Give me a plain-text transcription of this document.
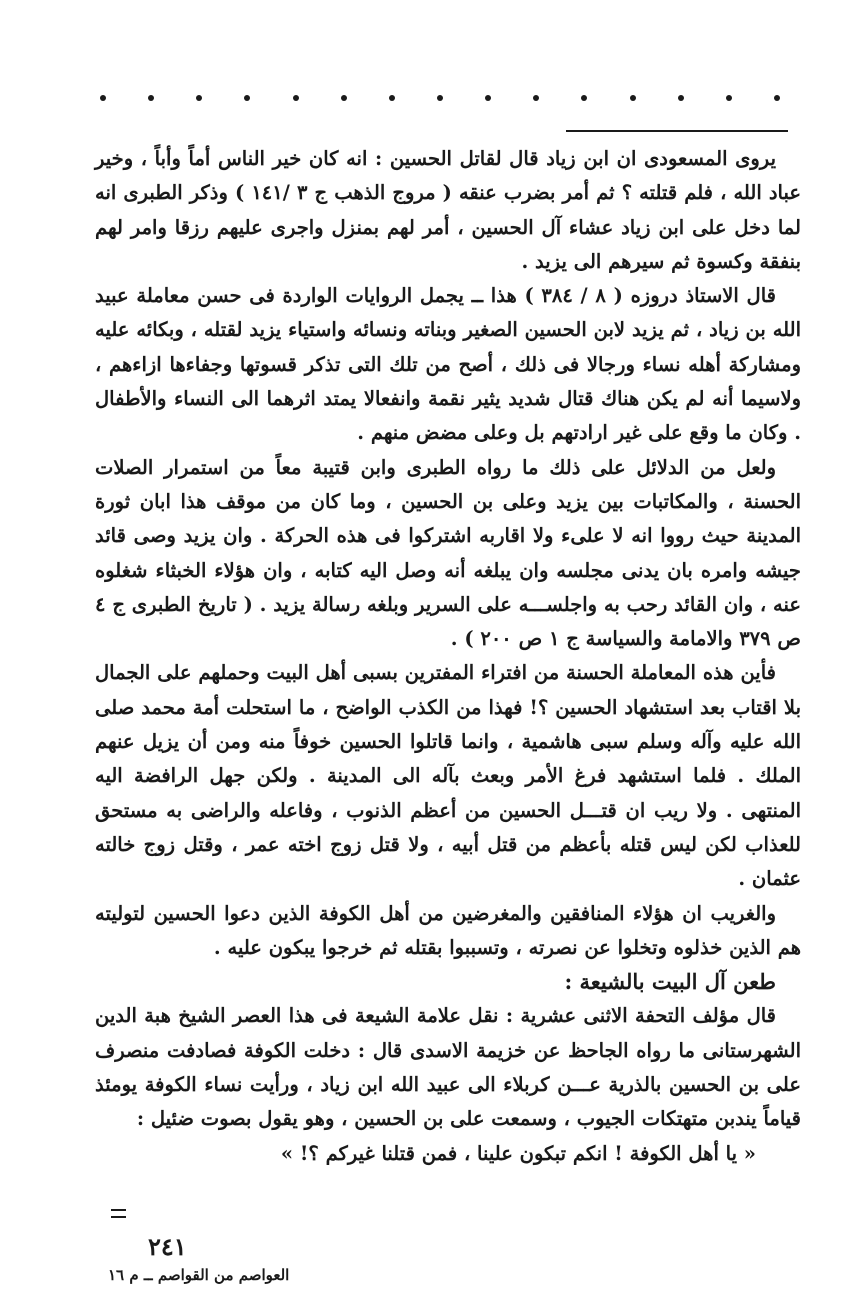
يروى المسعودى ان ابن زياد قال لقاتل الحسين : انه كان خير الناس أماً وأباً ، وخير عباد الله ، فلم قتلته ؟ ثم أمر بضرب عنقه ( مروج الذهب ج ٣ /١٤١ ) وذكر الطبرى انه لما دخل على ابن زياد عشاء آل الحسين ، أمر لهم بمنزل واجرى عليهم رزقا وامر لهم بنفقة وكسوة ثم سيرهم الى يزيد .

قال الاستاذ دروزه ( ٨ / ٣٨٤ ) هذا ــ يجمل الروايات الواردة فى حسن معاملة عبيد الله بن زياد ، ثم يزيد لابن الحسين الصغير وبناته ونسائه واستياء يزيد لقتله ، وبكائه عليه ومشاركة أهله نساء ورجالا فى ذلك ، أصح من تلك التى تذكر قسوتها وجفاءها ازاءهم ، ولاسيما أنه لم يكن هناك قتال شديد يثير نقمة وانفعالا يمتد اثرهما الى النساء والأطفال . وكان ما وقع على غير ارادتهم بل وعلى مضض منهم .

ولعل من الدلائل على ذلك ما رواه الطبرى وابن قتيبة معاً من استمرار الصلات الحسنة ، والمكاتبات بين يزيد وعلى بن الحسين ، وما كان من موقف هذا ابان ثورة المدينة حيث رووا انه لا علىء ولا اقاربه اشتركوا فى هذه الحركة . وان يزيد وصى قائد جيشه وامره بان يدنى مجلسه وان يبلغه أنه وصل اليه كتابه ، وان هؤلاء الخبثاء شغلوه عنه ، وان القائد رحب به واجلســـه على السرير وبلغه رسالة يزيد . ( تاريخ الطبرى ج ٤ ص ٣٧٩ والامامة والسياسة ج ١ ص ٢٠٠ ) .

فأين هذه المعاملة الحسنة من افتراء المفترين بسبى أهل البيت وحملهم على الجمال بلا اقتاب بعد استشهاد الحسين ؟! فهذا من الكذب الواضح ، ما استحلت أمة محمد صلى الله عليه وآله وسلم سبى هاشمية ، وانما قاتلوا الحسين خوفاً منه ومن أن يزيل عنهم الملك . فلما استشهد فرغ الأمر وبعث بآله الى المدينة . ولكن جهل الرافضة اليه المنتهى . ولا ريب ان قتـــل الحسين من أعظم الذنوب ، وفاعله والراضى به مستحق للعذاب لكن ليس قتله بأعظم من قتل أبيه ، ولا قتل زوج اخته عمر ، وقتل زوج خالته عثمان .

والغريب ان هؤلاء المنافقين والمغرضين من أهل الكوفة الذين دعوا الحسين لتوليته هم الذين خذلوه وتخلوا عن نصرته ، وتسببوا بقتله ثم خرجوا يبكون عليه .

طعن آل البيت بالشيعة :

قال مؤلف التحفة الاثنى عشرية : نقل علامة الشيعة فى هذا العصر الشيخ هبة الدين الشهرستانى ما رواه الجاحظ عن خزيمة الاسدى قال : دخلت الكوفة فصادفت منصرف على بن الحسين بالذرية عـــن كربلاء الى عبيد الله ابن زياد ، ورأيت نساء الكوفة يومئذ قياماً يندبن متهتكات الجيوب ، وسمعت على بن الحسين ، وهو يقول بصوت ضئيل :

« يا أهل الكوفة ! انكم تبكون علينا ، فمن قتلنا غيركم ؟! »

٢٤١
العواصم من القواصم ــ م ١٦
